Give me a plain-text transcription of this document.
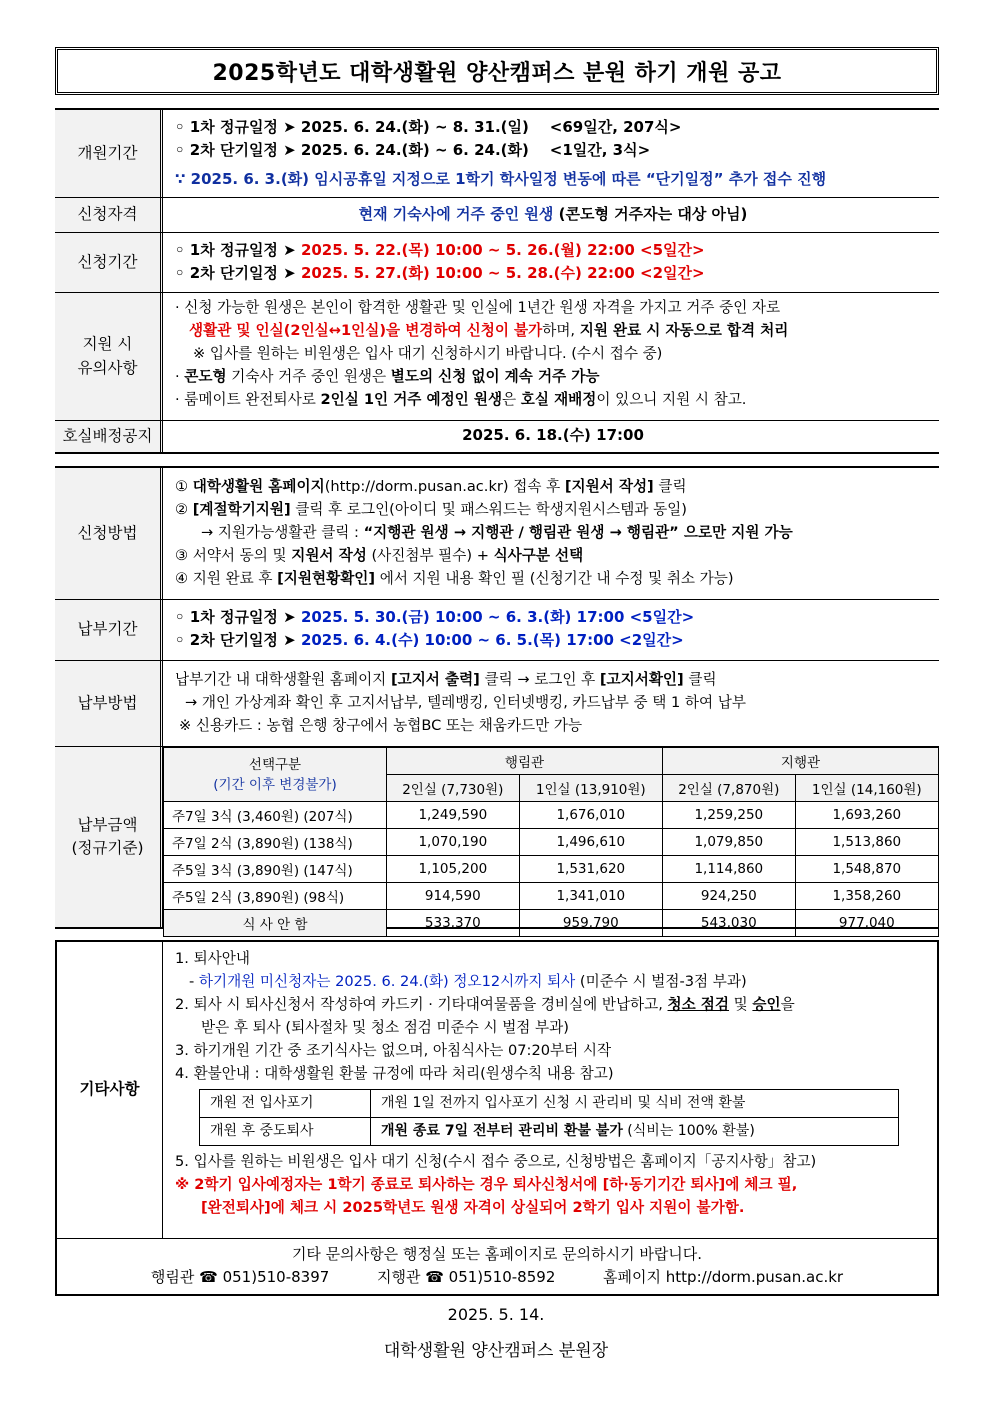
2025학년도 대학생활원 양산캠퍼스 분원 하기 개원 공고
개원기간
◦ 1차 정규일정 ➤ 2025. 6. 24.(화) ~ 8. 31.(일) <69일간, 207식>
◦ 2차 단기일정 ➤ 2025. 6. 24.(화) ~ 6. 24.(화) <1일간, 3식>
∵ 2025. 6. 3.(화) 임시공휴일 지정으로 1학기 학사일정 변동에 따른 “단기일정” 추가 접수 진행
신청자격	현재 기숙사에 거주 중인 원생 (콘도형 거주자는 대상 아님)
신청기간
◦ 1차 정규일정 ➤ 2025. 5. 22.(목) 10:00 ~ 5. 26.(월) 22:00 <5일간>
◦ 2차 단기일정 ➤ 2025. 5. 27.(화) 10:00 ~ 5. 28.(수) 22:00 <2일간>
지원 시
유의사항
· 신청 가능한 원생은 본인이 합격한 생활관 및 인실에 1년간 원생 자격을 가지고 거주 중인 자로
생활관 및 인실(2인실↔1인실)을 변경하여 신청이 불가하며, 지원 완료 시 자동으로 합격 처리
※ 입사를 원하는 비원생은 입사 대기 신청하시기 바랍니다. (수시 접수 중)
· 콘도형 기숙사 거주 중인 원생은 별도의 신청 없이 계속 거주 가능
· 룸메이트 완전퇴사로 2인실 1인 거주 예정인 원생은 호실 재배정이 있으니 지원 시 참고.
호실배정공지	2025. 6. 18.(수) 17:00
신청방법
① 대학생활원 홈페이지(http://dorm.pusan.ac.kr) 접속 후 [지원서 작성] 클릭
② [계절학기지원] 클릭 후 로그인(아이디 및 패스워드는 학생지원시스템과 동일)
→ 지원가능생활관 클릭 : “지행관 원생 → 지행관 / 행림관 원생 → 행림관” 으로만 지원 가능
③ 서약서 동의 및 지원서 작성 (사진첨부 필수) + 식사구분 선택
④ 지원 완료 후 [지원현황확인] 에서 지원 내용 확인 필 (신청기간 내 수정 및 취소 가능)
납부기간
◦ 1차 정규일정 ➤ 2025. 5. 30.(금) 10:00 ~ 6. 3.(화) 17:00 <5일간>
◦ 2차 단기일정 ➤ 2025. 6. 4.(수) 10:00 ~ 6. 5.(목) 17:00 <2일간>
납부방법
납부기간 내 대학생활원 홈페이지 [고지서 출력] 클릭 → 로그인 후 [고지서확인] 클릭
→ 개인 가상계좌 확인 후 고지서납부, 텔레뱅킹, 인터넷뱅킹, 카드납부 중 택 1 하여 납부
※ 신용카드 : 농협 은행 창구에서 농협BC 또는 채움카드만 가능
납부금액
(정규기준)
선택구분
(기간 이후 변경불가)	행림관		지행관	
	2인실 (7,730원)	1인실 (13,910원)	2인실 (7,870원)	1인실 (14,160원)
주7일 3식 (3,460원) (207식)	1,249,590	1,676,010	1,259,250	1,693,260
주7일 2식 (3,890원) (138식)	1,070,190	1,496,610	1,079,850	1,513,860
주5일 3식 (3,890원) (147식)	1,105,200	1,531,620	1,114,860	1,548,870
주5일 2식 (3,890원) (98식)	914,590	1,341,010	924,250	1,358,260
식 사 안 함	533,370	959,790	543,030	977,040
기타사항
1. 퇴사안내
- 하기개원 미신청자는 2025. 6. 24.(화) 정오12시까지 퇴사 (미준수 시 벌점-3점 부과)
2. 퇴사 시 퇴사신청서 작성하여 카드키 · 기타대여물품을 경비실에 반납하고, 청소 점검 및 승인을
받은 후 퇴사 (퇴사절차 및 청소 점검 미준수 시 벌점 부과)
3. 하기개원 기간 중 조기식사는 없으며, 아침식사는 07:20부터 시작
4. 환불안내 : 대학생활원 환불 규정에 따라 처리(원생수칙 내용 참고)
개원 전 입사포기	개원 1일 전까지 입사포기 신청 시 관리비 및 식비 전액 환불
개원 후 중도퇴사	개원 종료 7일 전부터 관리비 환불 불가 (식비는 100% 환불)
5. 입사를 원하는 비원생은 입사 대기 신청(수시 접수 중으로, 신청방법은 홈페이지「공지사항」참고)
※ 2학기 입사예정자는 1학기 종료로 퇴사하는 경우 퇴사신청서에 [하·동기기간 퇴사]에 체크 필,
[완전퇴사]에 체크 시 2025학년도 원생 자격이 상실되어 2학기 입사 지원이 불가함.
기타 문의사항은 행정실 또는 홈페이지로 문의하시기 바랍니다.
행림관 ☎ 051)510-8397	지행관 ☎ 051)510-8592	홈페이지 http://dorm.pusan.ac.kr
2025. 5. 14.
대학생활원 양산캠퍼스 분원장
